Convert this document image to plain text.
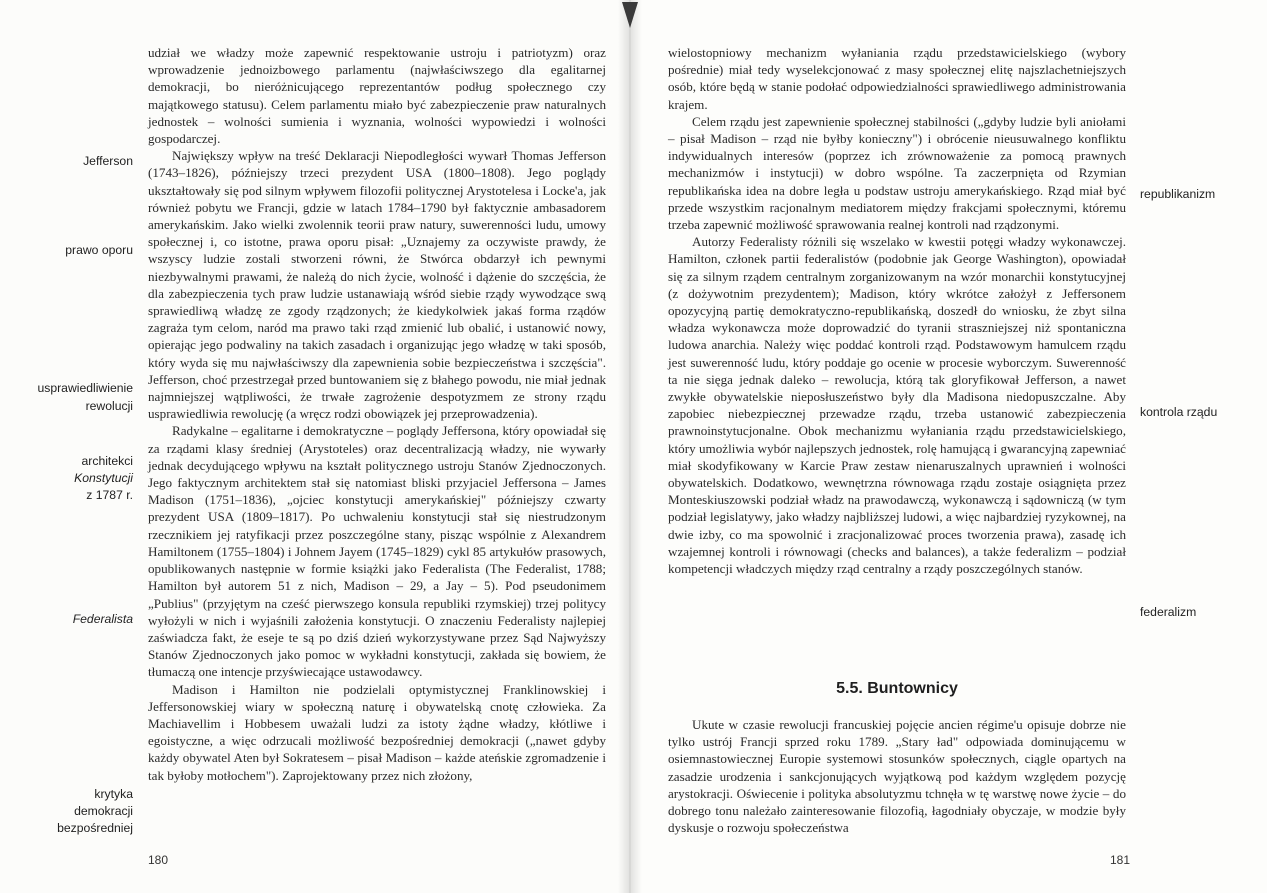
udział we władzy może zapewnić respektowanie ustroju i patriotyzm) oraz wprowadzenie jednoizbowego parlamentu (najwłaściwszego dla egalitarnej demokracji, bo nieróżnicującego reprezentantów podług społecznego czy majątkowego statusu). Celem parlamentu miało być zabezpieczenie praw naturalnych jednostek – wolności sumienia i wyznania, wolności wypowiedzi i wolności gospodarczej.

Największy wpływ na treść Deklaracji Niepodległości wywarł Thomas Jefferson (1743–1826), późniejszy trzeci prezydent USA (1800–1808). Jego poglądy ukształtowały się pod silnym wpływem filozofii politycznej Arystotelesa i Locke'a, jak również pobytu we Francji, gdzie w latach 1784–1790 był faktycznie ambasadorem amerykańskim. Jako wielki zwolennik teorii praw natury, suwerenności ludu, umowy społecznej i, co istotne, prawa oporu pisał: „Uznajemy za oczywiste prawdy, że wszyscy ludzie zostali stworzeni równi, że Stwórca obdarzył ich pewnymi niezbywalnymi prawami, że należą do nich życie, wolność i dążenie do szczęścia, że dla zabezpieczenia tych praw ludzie ustanawiają wśród siebie rządy wywodzące swą sprawiedliwą władzę ze zgody rządzonych; że kiedykolwiek jakaś forma rządów zagraża tym celom, naród ma prawo taki rząd zmienić lub obalić, i ustanowić nowy, opierając jego podwaliny na takich zasadach i organizując jego władzę w taki sposób, który wyda się mu najwłaściwszy dla zapewnienia sobie bezpieczeństwa i szczęścia". Jefferson, choć przestrzegał przed buntowaniem się z błahego powodu, nie miał jednak najmniejszej wątpliwości, że trwałe zagrożenie despotyzmem ze strony rządu usprawiedliwia rewolucję (a wręcz rodzi obowiązek jej przeprowadzenia).

Radykalne – egalitarne i demokratyczne – poglądy Jeffersona, który opowiadał się za rządami klasy średniej (Arystoteles) oraz decentralizacją władzy, nie wywarły jednak decydującego wpływu na kształt politycznego ustroju Stanów Zjednoczonych. Jego faktycznym architektem stał się natomiast bliski przyjaciel Jeffersona – James Madison (1751–1836), „ojciec konstytucji amerykańskiej" późniejszy czwarty prezydent USA (1809–1817). Po uchwaleniu konstytucji stał się niestrudzonym rzecznikiem jej ratyfikacji przez poszczególne stany, pisząc wspólnie z Alexandrem Hamiltonem (1755–1804) i Johnem Jayem (1745–1829) cykl 85 artykułów prasowych, opublikowanych następnie w formie książki jako Federalista (The Federalist, 1788; Hamilton był autorem 51 z nich, Madison – 29, a Jay – 5). Pod pseudonimem „Publius" (przyjętym na cześć pierwszego konsula republiki rzymskiej) trzej politycy wyłożyli w nich i wyjaśnili założenia konstytucji. O znaczeniu Federalisty najlepiej zaświadcza fakt, że eseje te są po dziś dzień wykorzystywane przez Sąd Najwyższy Stanów Zjednoczonych jako pomoc w wykładni konstytucji, zakłada się bowiem, że tłumaczą one intencje przyświecające ustawodawcy.

Madison i Hamilton nie podzielali optymistycznej Franklinowskiej i Jeffersonowskiej wiary w społeczną naturę i obywatelską cnotę człowieka. Za Machiavellim i Hobbesem uważali ludzi za istoty żądne władzy, kłótliwe i egoistyczne, a więc odrzucali możliwość bezpośredniej demokracji („nawet gdyby każdy obywatel Aten był Sokratesem – pisał Madison – każde ateńskie zgromadzenie i tak byłoby motłochem"). Zaprojektowany przez nich złożony,

Jefferson
prawo oporu
usprawiedliwienie
rewolucji
architekci
Konstytucji
z 1787 r.
Federalista
krytyka
demokracji
bezpośredniej
180

wielostopniowy mechanizm wyłaniania rządu przedstawicielskiego (wybory pośrednie) miał tedy wyselekcjonować z masy społecznej elitę najszlachetniejszych osób, które będą w stanie podołać odpowiedzialności sprawiedliwego administrowania krajem.

Celem rządu jest zapewnienie społecznej stabilności („gdyby ludzie byli aniołami – pisał Madison – rząd nie byłby konieczny") i obrócenie nieusuwalnego konfliktu indywidualnych interesów (poprzez ich zrównoważenie za pomocą prawnych mechanizmów i instytucji) w dobro wspólne. Ta zaczerpnięta od Rzymian republikańska idea na dobre legła u podstaw ustroju amerykańskiego. Rząd miał być przede wszystkim racjonalnym mediatorem między frakcjami społecznymi, któremu trzeba zapewnić możliwość sprawowania realnej kontroli nad rządzonymi.

Autorzy Federalisty różnili się wszelako w kwestii potęgi władzy wykonawczej. Hamilton, członek partii federalistów (podobnie jak George Washington), opowiadał się za silnym rządem centralnym zorganizowanym na wzór monarchii konstytucyjnej (z dożywotnim prezydentem); Madison, który wkrótce założył z Jeffersonem opozycyjną partię demokratyczno-republikańską, doszedł do wniosku, że zbyt silna władza wykonawcza może doprowadzić do tyranii straszniejszej niż spontaniczna ludowa anarchia. Należy więc poddać kontroli rząd. Podstawowym hamulcem rządu jest suwerenność ludu, który poddaje go ocenie w procesie wyborczym. Suwerenność ta nie sięga jednak daleko – rewolucja, którą tak gloryfikował Jefferson, a nawet zwykłe obywatelskie nieposłuszeństwo były dla Madisona niedopuszczalne. Aby zapobiec niebezpiecznej przewadze rządu, trzeba ustanowić zabezpieczenia prawnoinstytucjonalne. Obok mechanizmu wyłaniania rządu przedstawicielskiego, który umożliwia wybór najlepszych jednostek, rolę hamującą i gwarancyjną zapewniać miał skodyfikowany w Karcie Praw zestaw nienaruszalnych uprawnień i wolności obywatelskich. Dodatkowo, wewnętrzna równowaga rządu zostaje osiągnięta przez Monteskiuszowski podział władz na prawodawczą, wykonawczą i sądowniczą (w tym podział legislatywy, jako władzy najbliższej ludowi, a więc najbardziej ryzykownej, na dwie izby, co ma spowolnić i zracjonalizować proces tworzenia prawa), zasadę ich wzajemnej kontroli i równowagi (checks and balances), a także federalizm – podział kompetencji władczych między rząd centralny a rządy poszczególnych stanów.

5.5. Buntownicy

Ukute w czasie rewolucji francuskiej pojęcie ancien régime'u opisuje dobrze nie tylko ustrój Francji sprzed roku 1789. „Stary ład" odpowiada dominującemu w osiemnastowiecznej Europie systemowi stosunków społecznych, ciągle opartych na zasadzie urodzenia i sankcjonujących wyjątkową pod każdym względem pozycję arystokracji. Oświecenie i polityka absolutyzmu tchnęła w tę warstwę nowe życie – do dobrego tonu należało zainteresowanie filozofią, łagodniały obyczaje, w modzie były dyskusje o rozwoju społeczeństwa

republikanizm
kontrola rządu
federalizm
181
